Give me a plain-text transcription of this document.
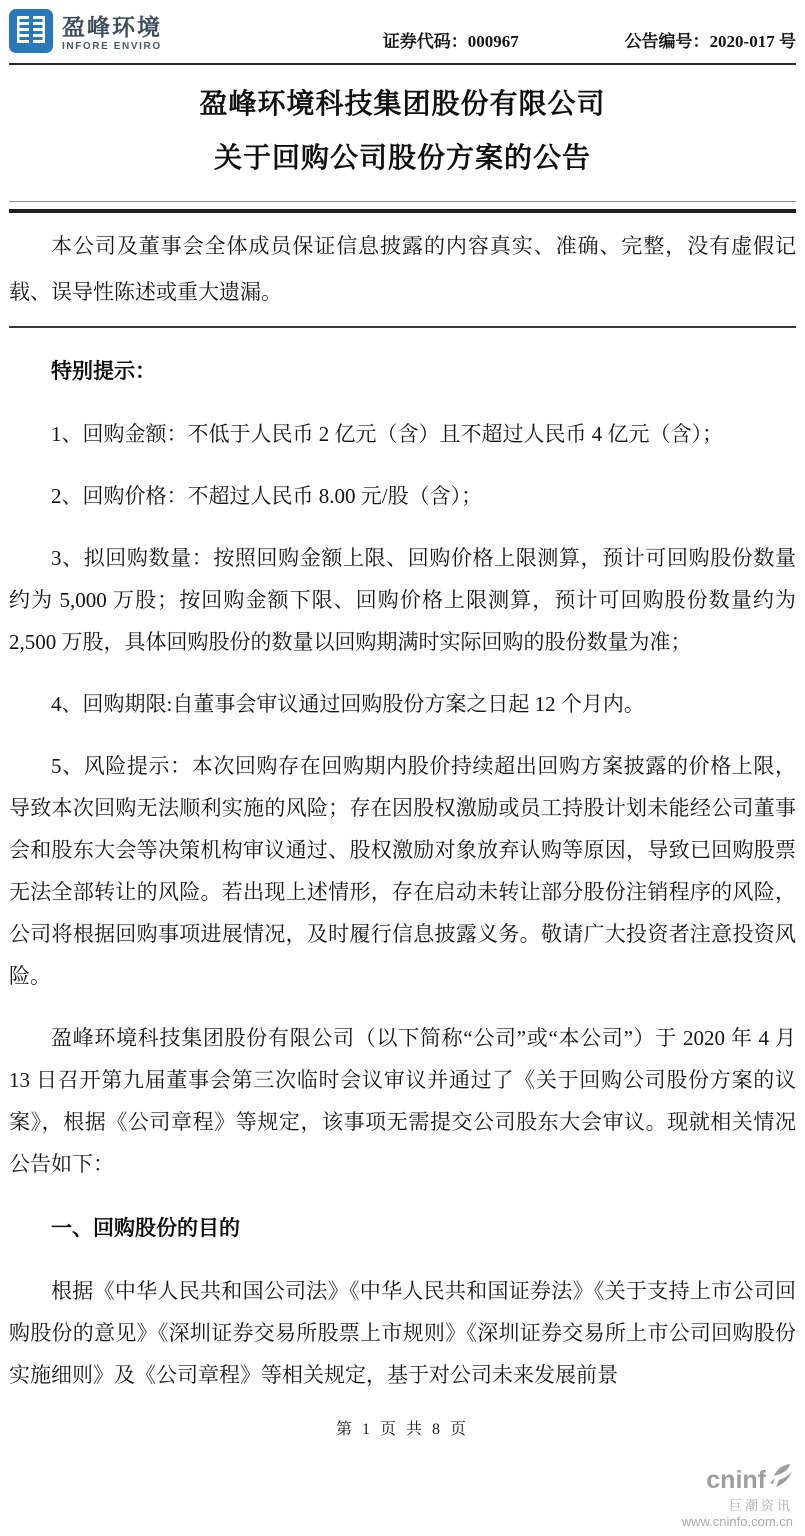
盈峰环境
INFORE ENVIRO	证券代码：000967	公告编号：2020-017 号
盈峰环境科技集团股份有限公司
关于回购公司股份方案的公告

本公司及董事会全体成员保证信息披露的内容真实、准确、完整，没有虚假记载、误导性陈述或重大遗漏。

特别提示：

1、回购金额：不低于人民币 2 亿元（含）且不超过人民币 4 亿元（含）；

2、回购价格：不超过人民币 8.00 元/股（含）；

3、拟回购数量：按照回购金额上限、回购价格上限测算，预计可回购股份数量约为 5,000 万股；按回购金额下限、回购价格上限测算，预计可回购股份数量约为 2,500 万股，具体回购股份的数量以回购期满时实际回购的股份数量为准；

4、回购期限:自董事会审议通过回购股份方案之日起 12 个月内。

5、风险提示：本次回购存在回购期内股价持续超出回购方案披露的价格上限，导致本次回购无法顺利实施的风险；存在因股权激励或员工持股计划未能经公司董事会和股东大会等决策机构审议通过、股权激励对象放弃认购等原因，导致已回购股票无法全部转让的风险。若出现上述情形，存在启动未转让部分股份注销程序的风险，公司将根据回购事项进展情况，及时履行信息披露义务。敬请广大投资者注意投资风险。

盈峰环境科技集团股份有限公司（以下简称“公司”或“本公司”）于 2020 年 4 月 13 日召开第九届董事会第三次临时会议审议并通过了《关于回购公司股份方案的议案》，根据《公司章程》等规定，该事项无需提交公司股东大会审议。现就相关情况公告如下：

一、回购股份的目的

根据《中华人民共和国公司法》《中华人民共和国证券法》《关于支持上市公司回购股份的意见》《深圳证券交易所股票上市规则》《深圳证券交易所上市公司回购股份实施细则》及《公司章程》等相关规定，基于对公司未来发展前景

第 1 页 共 8 页
cninf
巨潮资讯
www.cninfo.com.cn
